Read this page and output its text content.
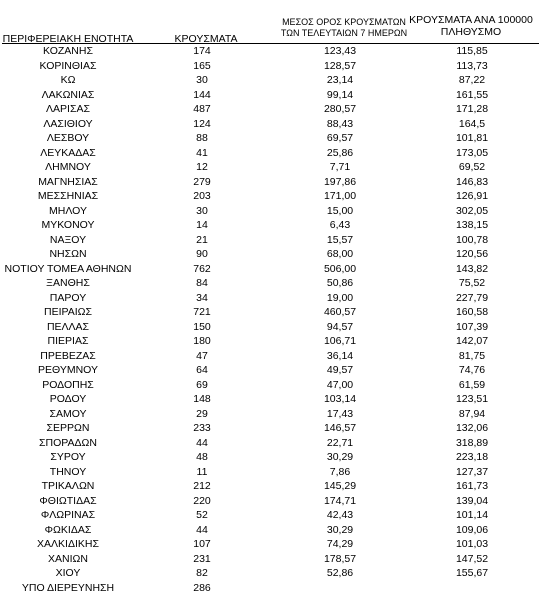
ΠΕΡΙΦΕΡΕΙΑΚΗ ΕΝΟΤΗΤΑ	ΚΡΟΥΣΜΑΤΑ
ΜΕΣΟΣ ΟΡΟΣ ΚΡΟΥΣΜΑΤΩΝ
ΤΩΝ ΤΕΛΕΥΤΑΙΩΝ 7 ΗΜΕΡΩΝ
ΚΡΟΥΣΜΑΤΑ ΑΝΑ 100000
ΠΛΗΘΥΣΜΟ
ΚΟΖΑΝΗΣ	174	123,43	115,85
ΚΟΡΙΝΘΙΑΣ	165	128,57	113,73
ΚΩ	30	23,14	87,22
ΛΑΚΩΝΙΑΣ	144	99,14	161,55
ΛΑΡΙΣΑΣ	487	280,57	171,28
ΛΑΣΙΘΙΟΥ	124	88,43	164,5
ΛΕΣΒΟΥ	88	69,57	101,81
ΛΕΥΚΑΔΑΣ	41	25,86	173,05
ΛΗΜΝΟΥ	12	7,71	69,52
ΜΑΓΝΗΣΙΑΣ	279	197,86	146,83
ΜΕΣΣΗΝΙΑΣ	203	171,00	126,91
ΜΗΛΟΥ	30	15,00	302,05
ΜΥΚΟΝΟΥ	14	6,43	138,15
ΝΑΞΟΥ	21	15,57	100,78
ΝΗΣΩΝ	90	68,00	120,56
ΝΟΤΙΟΥ ΤΟΜΕΑ ΑΘΗΝΩΝ	762	506,00	143,82
ΞΑΝΘΗΣ	84	50,86	75,52
ΠΑΡΟΥ	34	19,00	227,79
ΠΕΙΡΑΙΩΣ	721	460,57	160,58
ΠΕΛΛΑΣ	150	94,57	107,39
ΠΙΕΡΙΑΣ	180	106,71	142,07
ΠΡΕΒΕΖΑΣ	47	36,14	81,75
ΡΕΘΥΜΝΟΥ	64	49,57	74,76
ΡΟΔΟΠΗΣ	69	47,00	61,59
ΡΟΔΟΥ	148	103,14	123,51
ΣΑΜΟΥ	29	17,43	87,94
ΣΕΡΡΩΝ	233	146,57	132,06
ΣΠΟΡΑΔΩΝ	44	22,71	318,89
ΣΥΡΟΥ	48	30,29	223,18
ΤΗΝΟΥ	11	7,86	127,37
ΤΡΙΚΑΛΩΝ	212	145,29	161,73
ΦΘΙΩΤΙΔΑΣ	220	174,71	139,04
ΦΛΩΡΙΝΑΣ	52	42,43	101,14
ΦΩΚΙΔΑΣ	44	30,29	109,06
ΧΑΛΚΙΔΙΚΗΣ	107	74,29	101,03
ΧΑΝΙΩΝ	231	178,57	147,52
ΧΙΟΥ	82	52,86	155,67
ΥΠΟ ΔΙΕΡΕΥΝΗΣΗ	286
